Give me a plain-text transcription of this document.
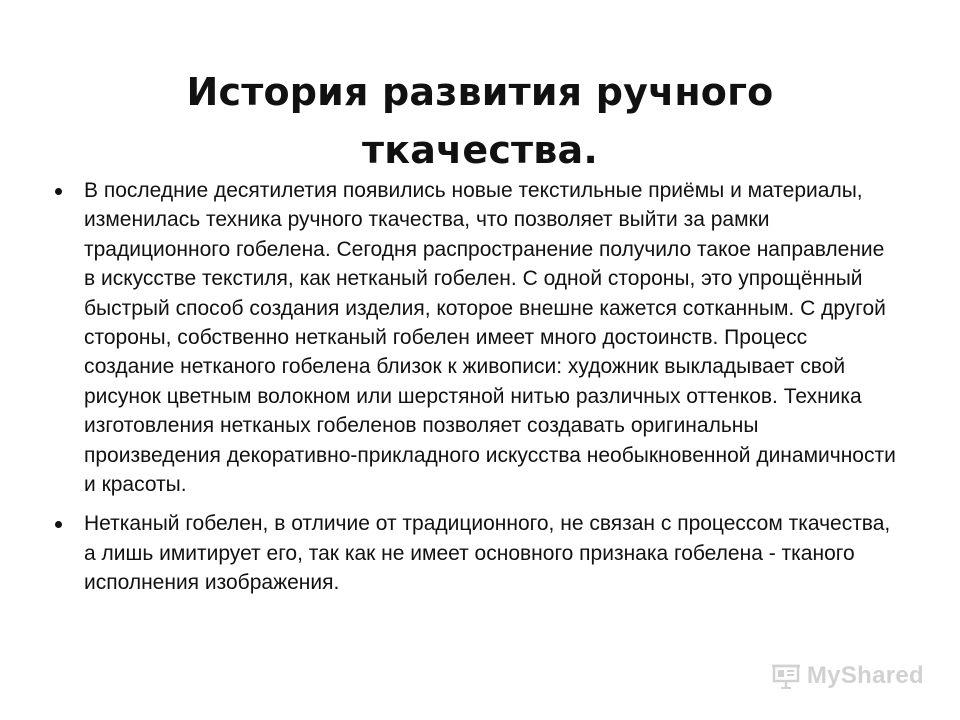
История развития ручного ткачества.
В последние десятилетия появились новые текстильные приёмы и материалы, изменилась техника ручного ткачества, что позволяет выйти за рамки традиционного гобелена. Сегодня распространение получило такое направление в искусстве текстиля, как нетканый гобелен. С одной стороны, это упрощённый быстрый способ создания изделия, которое внешне кажется сотканным. С другой стороны, собственно нетканый гобелен имеет много достоинств. Процесс создание нетканого гобелена близок к живописи: художник выкладывает свой рисунок цветным волокном или шерстяной нитью различных оттенков. Техника изготовления нетканых гобеленов позволяет создавать оригинальны произведения декоративно-прикладного искусства необыкновенной динамичности и красоты.
Нетканый гобелен, в отличие от традиционного, не связан с процессом ткачества, а лишь имитирует его, так как не имеет основного признака гобелена - тканого исполнения изображения.
MyShared
